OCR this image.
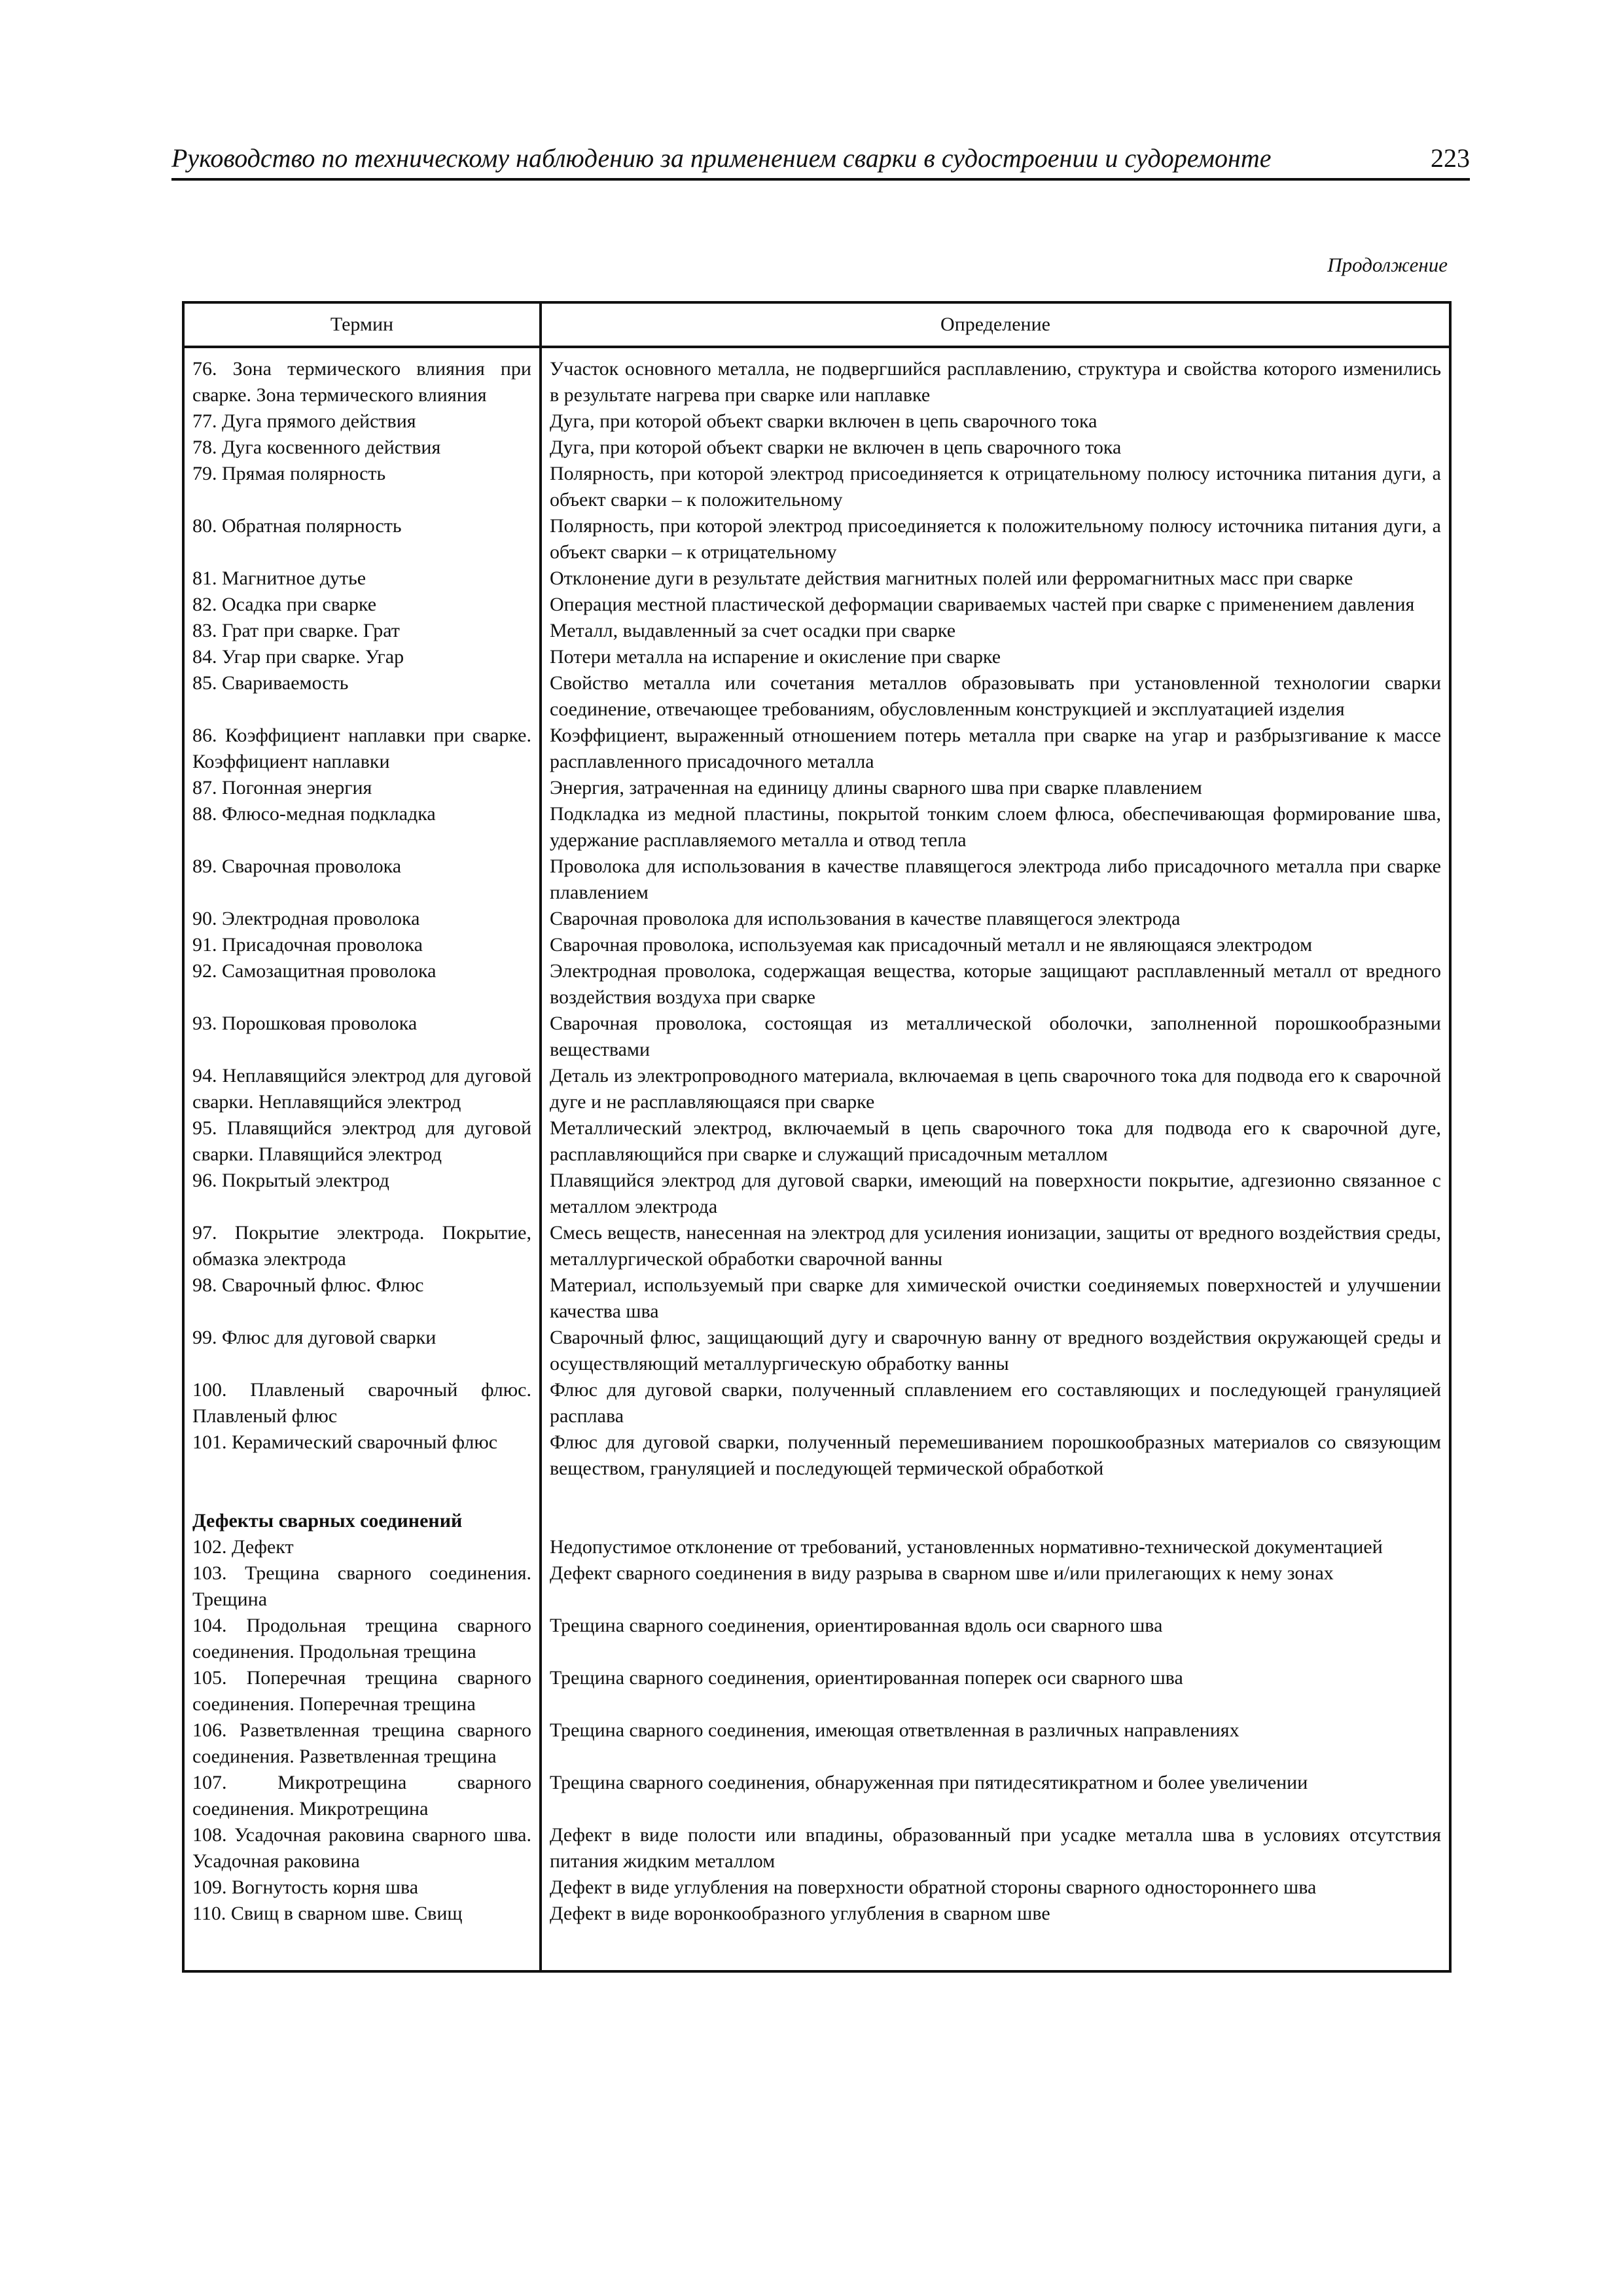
Руководство по техническому наблюдению за применением сварки в судостроении и судоремонте	223
Продолжение
Термин	Определение
76. Зона термического влияния при сварке. Зона термического влияния	Участок основного металла, не подвергшийся расплавлению, структура и свойства которого изменились в результате нагрева при сварке или наплавке
77. Дуга прямого действия	Дуга, при которой объект сварки включен в цепь сварочного тока
78. Дуга косвенного действия	Дуга, при которой объект сварки не включен в цепь сварочного тока
79. Прямая полярность	Полярность, при которой электрод присоединяется к отрицательному полюсу источника питания дуги, а объект сварки – к положительному
80. Обратная полярность	Полярность, при которой электрод присоединяется к положительному полюсу источника питания дуги, а объект сварки – к отрицательному
81. Магнитное дутье	Отклонение дуги в результате действия магнитных полей или ферромагнитных масс при сварке
82. Осадка при сварке	Операция местной пластической деформации свариваемых частей при сварке с применением давления
83. Грат при сварке. Грат	Металл, выдавленный за счет осадки при сварке
84. Угар при сварке. Угар	Потери металла на испарение и окисление при сварке
85. Свариваемость	Свойство металла или сочетания металлов образовывать при установленной технологии сварки соединение, отвечающее требованиям, обусловленным конструкцией и эксплуатацией изделия
86. Коэффициент наплавки при сварке. Коэффициент наплавки	Коэффициент, выраженный отношением потерь металла при сварке на угар и разбрызгивание к массе расплавленного присадочного металла
87. Погонная энергия	Энергия, затраченная на единицу длины сварного шва при сварке плавлением
88. Флюсо-медная подкладка	Подкладка из медной пластины, покрытой тонким слоем флюса, обеспечивающая формирование шва, удержание расплавляемого металла и отвод тепла
89. Сварочная проволока	Проволока для использования в качестве плавящегося электрода либо присадочного металла при сварке плавлением
90. Электродная проволока	Сварочная проволока для использования в качестве плавящегося электрода
91. Присадочная проволока	Сварочная проволока, используемая как присадочный металл и не являющаяся электродом
92. Самозащитная проволока	Электродная проволока, содержащая вещества, которые защищают расплавленный металл от вредного воздействия воздуха при сварке
93. Порошковая проволока	Сварочная проволока, состоящая из металлической оболочки, заполненной порошкообразными веществами
94. Неплавящийся электрод для дуговой сварки. Неплавящийся электрод	Деталь из электропроводного материала, включаемая в цепь сварочного тока для подвода его к сварочной дуге и не расплавляющаяся при сварке
95. Плавящийся электрод для дуговой сварки. Плавящийся электрод	Металлический электрод, включаемый в цепь сварочного тока для подвода его к сварочной дуге, расплавляющийся при сварке и служащий присадочным металлом
96. Покрытый электрод	Плавящийся электрод для дуговой сварки, имеющий на поверхности покрытие, адгезионно связанное с металлом электрода
97. Покрытие электрода. Покрытие, обмазка электрода	Смесь веществ, нанесенная на электрод для усиления ионизации, защиты от вредного воздействия среды, металлургической обработки сварочной ванны
98. Сварочный флюс. Флюс	Материал, используемый при сварке для химической очистки соединяемых поверхностей и улучшении качества шва
99. Флюс для дуговой сварки	Сварочный флюс, защищающий дугу и сварочную ванну от вредного воздействия окружающей среды и осуществляющий металлургическую обработку ванны
100. Плавленый сварочный флюс. Плавленый флюс	Флюс для дуговой сварки, полученный сплавлением его составляющих и последующей грануляцией расплава
101. Керамический сварочный флюс	Флюс для дуговой сварки, полученный перемешиванием порошкообразных материалов со связующим веществом, грануляцией и последующей термической обработкой
Дефекты сварных соединений	
102. Дефект	Недопустимое отклонение от требований, установленных нормативно-технической документацией
103. Трещина сварного соединения. Трещина	Дефект сварного соединения в виду разрыва в сварном шве и/или прилегающих к нему зонах
104. Продольная трещина сварного соединения. Продольная трещина	Трещина сварного соединения, ориентированная вдоль оси сварного шва
105. Поперечная трещина сварного соединения. Поперечная трещина	Трещина сварного соединения, ориентированная поперек оси сварного шва
106. Разветвленная трещина сварного соединения. Разветвленная трещина	Трещина сварного соединения, имеющая ответвленная в различных направлениях
107. Микротрещина сварного соединения. Микротрещина	Трещина сварного соединения, обнаруженная при пятидесятикратном и более увеличении
108. Усадочная раковина сварного шва. Усадочная раковина	Дефект в виде полости или впадины, образованный при усадке металла шва в условиях отсутствия питания жидким металлом
109. Вогнутость корня шва	Дефект в виде углубления на поверхности обратной стороны сварного одностороннего шва
110. Свищ в сварном шве. Свищ	Дефект в виде воронкообразного углубления в сварном шве
